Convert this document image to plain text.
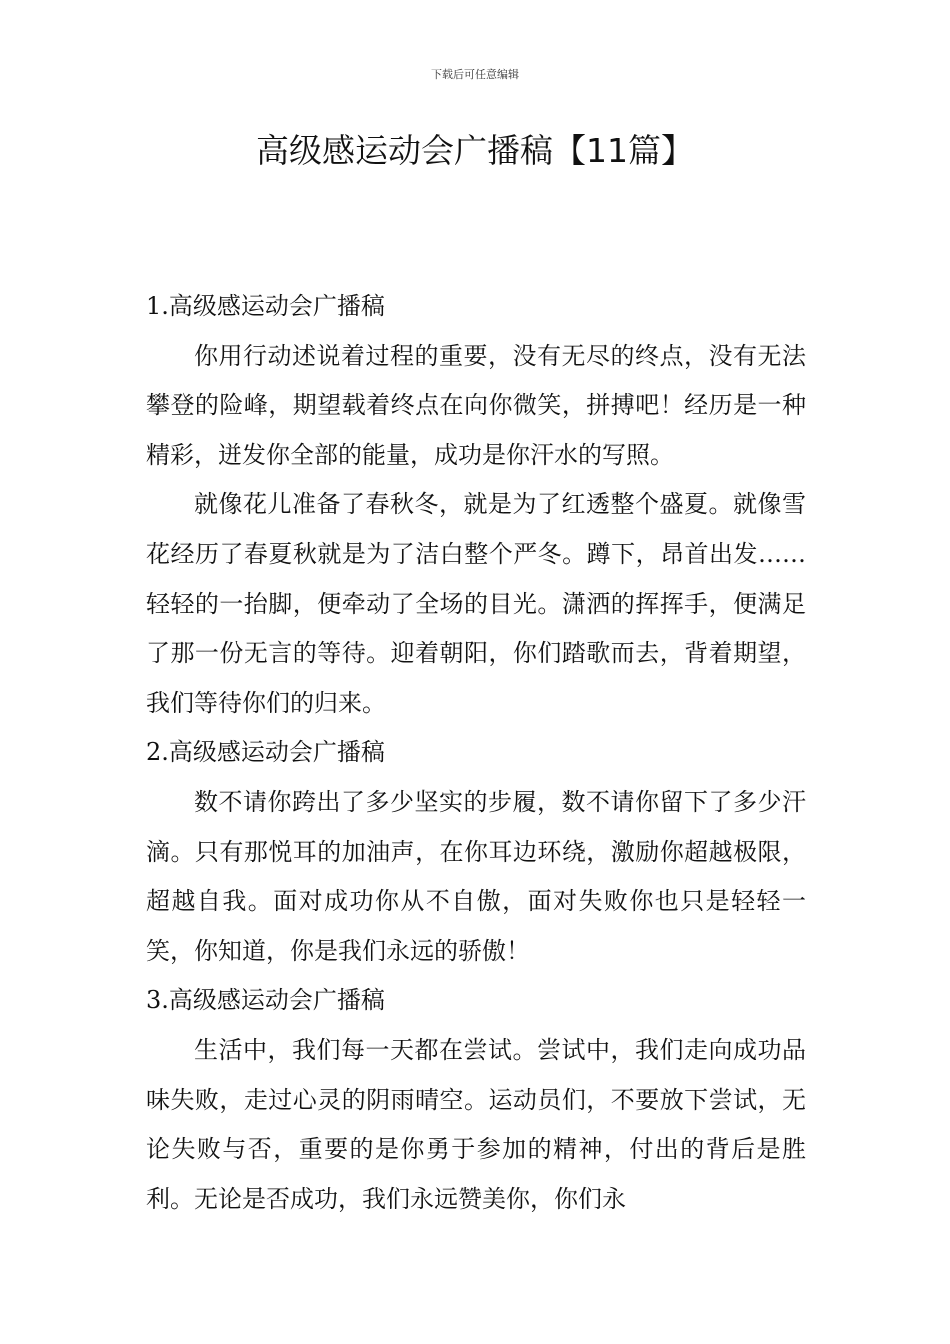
下载后可任意编辑
高级感运动会广播稿【11篇】

1.高级感运动会广播稿

你用行动述说着过程的重要，没有无尽的终点，没有无法攀登的险峰，期望载着终点在向你微笑，拼搏吧！经历是一种精彩，迸发你全部的能量，成功是你汗水的写照。

就像花儿准备了春秋冬，就是为了红透整个盛夏。就像雪花经历了春夏秋就是为了洁白整个严冬。蹲下，昂首出发……轻轻的一抬脚，便牵动了全场的目光。潇洒的挥挥手，便满足了那一份无言的等待。迎着朝阳，你们踏歌而去，背着期望，我们等待你们的归来。

2.高级感运动会广播稿

数不请你跨出了多少坚实的步履，数不请你留下了多少汗滴。只有那悦耳的加油声，在你耳边环绕，激励你超越极限，超越自我。面对成功你从不自傲，面对失败你也只是轻轻一笑，你知道，你是我们永远的骄傲！

3.高级感运动会广播稿

生活中，我们每一天都在尝试。尝试中，我们走向成功品味失败，走过心灵的阴雨晴空。运动员们，不要放下尝试，无论失败与否，重要的是你勇于参加的精神，付出的背后是胜利。无论是否成功，我们永远赞美你，你们永
